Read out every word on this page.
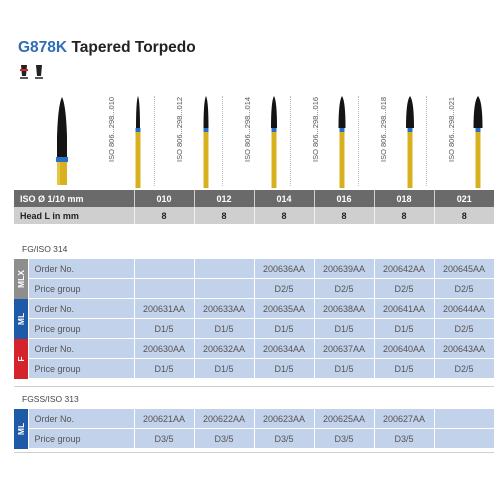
G878K Tapered Torpedo
ISO 806...298...010	ISO 806...298...012	ISO 806...298...014	ISO 806...298...016	ISO 806...298...018	ISO 806...298...021
ISO Ø 1/10 mm	010	012	014	016	018	021
Head L in mm	8	8	8	8	8	8
FG/ISO 314
MLX	Order No.			200636AA	200639AA	200642AA	200645AA
	Price group			D2/5	D2/5	D2/5	D2/5

ML	Order No.	200631AA	200633AA	200635AA	200638AA	200641AA	200644AA
	Price group	D1/5	D1/5	D1/5	D1/5	D1/5	D2/5

F	Order No.	200630AA	200632AA	200634AA	200637AA	200640AA	200643AA
	Price group	D1/5	D1/5	D1/5	D1/5	D1/5	D2/5
FGSS/ISO 313
ML	Order No.	200621AA	200622AA	200623AA	200625AA	200627AA	
	Price group	D3/5	D3/5	D3/5	D3/5	D3/5	
